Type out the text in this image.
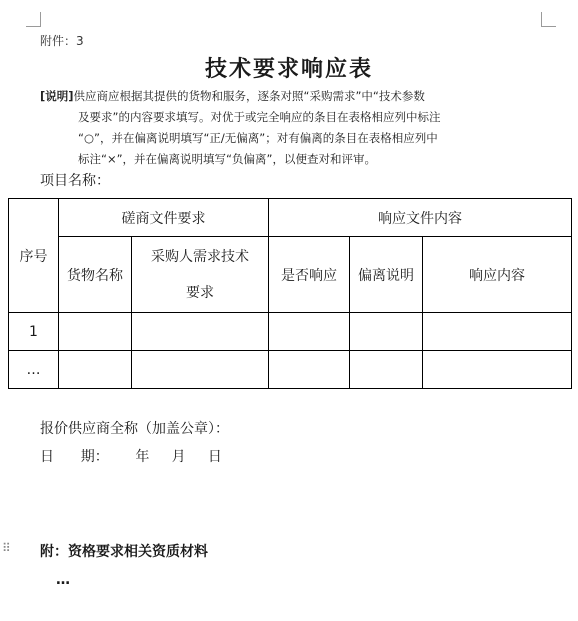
附件：3
技术要求响应表
[说明]供应商应根据其提供的货物和服务，逐条对照“采购需求”中“技术参数
及要求”的内容要求填写。对优于或完全响应的条目在表格相应列中标注
“○”，并在偏离说明填写“正/无偏离”；对有偏离的条目在表格相应列中
标注“×”，并在偏离说明填写“负偏离”，以便查对和评审。
项目名称：
序号	磋商文件要求		响应文件内容		
	货物名称	采购人需求技术
要求	是否响应	偏离说明	响应内容
1					
…					
报价供应商全称（加盖公章）：
日      期：      年     月     日
⠿ 附：资格要求相关资质材料
…
